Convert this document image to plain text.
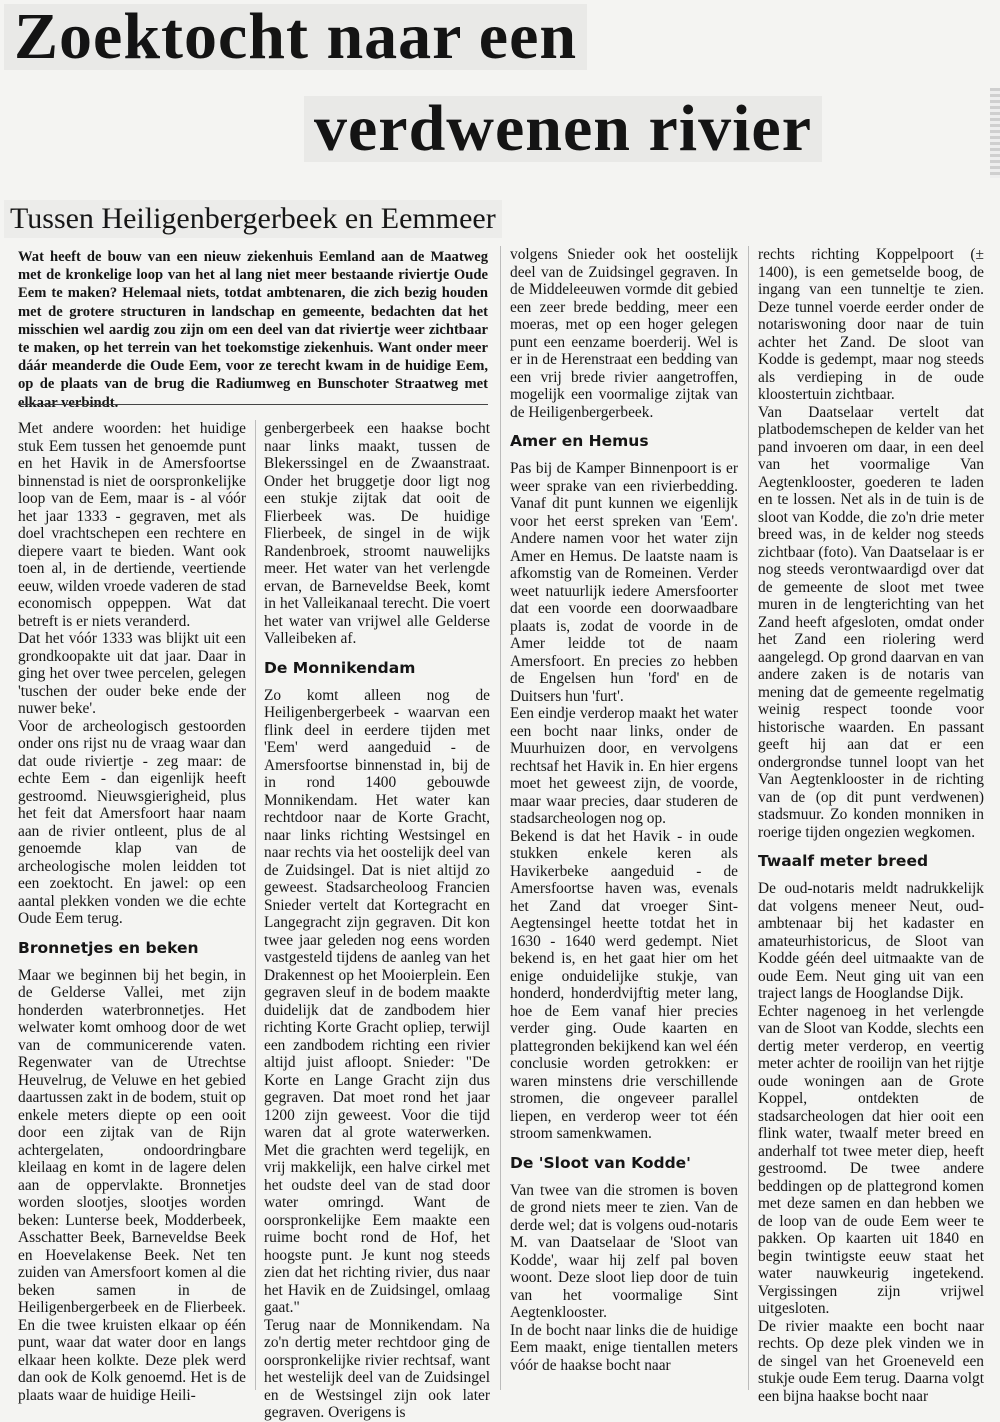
Zoektocht naar een
verdwenen rivier
Tussen Heiligenbergerbeek en Eemmeer

Wat heeft de bouw van een nieuw ziekenhuis Eemland aan de Maatweg met de kronkelige loop van het al lang niet meer bestaande riviertje Oude Eem te maken? Helemaal niets, totdat ambtenaren, die zich bezig houden met de grotere structuren in landschap en gemeente, bedachten dat het misschien wel aardig zou zijn om een deel van dat riviertje weer zichtbaar te maken, op het terrein van het toekomstige ziekenhuis. Want onder meer dáár meanderde die Oude Eem, voor ze terecht kwam in de huidige Eem, op de plaats van de brug die Radiumweg en Bunschoter Straatweg met elkaar verbindt.

Met andere woorden: het huidige stuk Eem tussen het genoemde punt en het Havik in de Amersfoortse binnenstad is niet de oorspronkelijke loop van de Eem, maar is - al vóór het jaar 1333 - gegraven, met als doel vrachtschepen een rechtere en diepere vaart te bieden. Want ook toen al, in de dertiende, veertiende eeuw, wilden vroede vaderen de stad economisch oppeppen. Wat dat betreft is er niets veranderd.

Dat het vóór 1333 was blijkt uit een grondkoopakte uit dat jaar. Daar in ging het over twee percelen, gelegen 'tuschen der ouder beke ende der nuwer beke'.

Voor de archeologisch gestoorden onder ons rijst nu de vraag waar dan dat oude riviertje - zeg maar: de echte Eem - dan eigenlijk heeft gestroomd. Nieuwsgierigheid, plus het feit dat Amersfoort haar naam aan de rivier ontleent, plus de al genoemde klap van de archeologische molen leidden tot een zoektocht. En jawel: op een aantal plekken vonden we die echte Oude Eem terug.

Bronnetjes en beken

Maar we beginnen bij het begin, in de Gelderse Vallei, met zijn honderden waterbronnetjes. Het welwater komt omhoog door de wet van de communicerende vaten. Regenwater van de Utrechtse Heuvelrug, de Veluwe en het gebied daartussen zakt in de bodem, stuit op enkele meters diepte op een ooit door een zijtak van de Rijn achtergelaten, ondoordringbare kleilaag en komt in de lagere delen aan de oppervlakte. Bronnetjes worden slootjes, slootjes worden beken: Lunterse beek, Modderbeek, Asschatter Beek, Barneveldse Beek en Hoevelakense Beek. Net ten zuiden van Amersfoort komen al die beken samen in de Heiligenbergerbeek en de Flierbeek. En die twee kruisten elkaar op één punt, waar dat water door en langs elkaar heen kolkte. Deze plek werd dan ook de Kolk genoemd. Het is de plaats waar de huidige Heili-

genbergerbeek een haakse bocht naar links maakt, tussen de Blekerssingel en de Zwaanstraat. Onder het bruggetje door ligt nog een stukje zijtak dat ooit de Flierbeek was. De huidige Flierbeek, de singel in de wijk Randenbroek, stroomt nauwelijks meer. Het water van het verlengde ervan, de Barneveldse Beek, komt in het Valleikanaal terecht. Die voert het water van vrijwel alle Gelderse Valleibeken af.

De Monnikendam

Zo komt alleen nog de Heiligenbergerbeek - waarvan een flink deel in eerdere tijden met 'Eem' werd aangeduid - de Amersfoortse binnenstad in, bij de in rond 1400 gebouwde Monnikendam. Het water kan rechtdoor naar de Korte Gracht, naar links richting Westsingel en naar rechts via het oostelijk deel van de Zuidsingel. Dat is niet altijd zo geweest. Stadsarcheoloog Francien Snieder vertelt dat Kortegracht en Langegracht zijn gegraven. Dit kon twee jaar geleden nog eens worden vastgesteld tijdens de aanleg van het Drakennest op het Mooierplein. Een gegraven sleuf in de bodem maakte duidelijk dat de zandbodem hier richting Korte Gracht opliep, terwijl een zandbodem richting een rivier altijd juist afloopt. Snieder: "De Korte en Lange Gracht zijn dus gegraven. Dat moet rond het jaar 1200 zijn geweest. Voor die tijd waren dat al grote waterwerken. Met die grachten werd tegelijk, en vrij makkelijk, een halve cirkel met het oudste deel van de stad door water omringd. Want de oorspronkelijke Eem maakte een ruime bocht rond de Hof, het hoogste punt. Je kunt nog steeds zien dat het richting rivier, dus naar het Havik en de Zuidsingel, omlaag gaat."

Terug naar de Monnikendam. Na zo'n dertig meter rechtdoor ging de oorspronkelijke rivier rechtsaf, want het westelijk deel van de Zuidsingel en de Westsingel zijn ook later gegraven. Overigens is

volgens Snieder ook het oostelijk deel van de Zuidsingel gegraven. In de Middeleeuwen vormde dit gebied een zeer brede bedding, meer een moeras, met op een hoger gelegen punt een eenzame boerderij. Wel is er in de Herenstraat een bedding van een vrij brede rivier aangetroffen, mogelijk een voormalige zijtak van de Heiligenbergerbeek.

Amer en Hemus

Pas bij de Kamper Binnenpoort is er weer sprake van een rivierbedding. Vanaf dit punt kunnen we eigenlijk voor het eerst spreken van 'Eem'. Andere namen voor het water zijn Amer en Hemus. De laatste naam is afkomstig van de Romeinen. Verder weet natuurlijk iedere Amersfoorter dat een voorde een doorwaadbare plaats is, zodat de voorde in de Amer leidde tot de naam Amersfoort. En precies zo hebben de Engelsen hun 'ford' en de Duitsers hun 'furt'.

Een eindje verderop maakt het water een bocht naar links, onder de Muurhuizen door, en vervolgens rechtsaf het Havik in. En hier ergens moet het geweest zijn, de voorde, maar waar precies, daar studeren de stadsarcheologen nog op.

Bekend is dat het Havik - in oude stukken enkele keren als Havikerbeke aangeduid - de Amersfoortse haven was, evenals het Zand dat vroeger Sint-Aegtensingel heette totdat het in 1630 - 1640 werd gedempt. Niet bekend is, en het gaat hier om het enige onduidelijke stukje, van honderd, honderdvijftig meter lang, hoe de Eem vanaf hier precies verder ging. Oude kaarten en plattegronden bekijkend kan wel één conclusie worden getrokken: er waren minstens drie verschillende stromen, die ongeveer parallel liepen, en verderop weer tot één stroom samenkwamen.

De 'Sloot van Kodde'

Van twee van die stromen is boven de grond niets meer te zien. Van de derde wel; dat is volgens oud-notaris M. van Daatselaar de 'Sloot van Kodde', waar hij zelf pal boven woont. Deze sloot liep door de tuin van het voormalige Sint Aegtenklooster.

In de bocht naar links die de huidige Eem maakt, enige tientallen meters vóór de haakse bocht naar

rechts richting Koppelpoort (± 1400), is een gemetselde boog, de ingang van een tunneltje te zien. Deze tunnel voerde eerder onder de notariswoning door naar de tuin achter het Zand. De sloot van Kodde is gedempt, maar nog steeds als verdieping in de oude kloostertuin zichtbaar.

Van Daatselaar vertelt dat platbodemschepen de kelder van het pand invoeren om daar, in een deel van het voormalige Van Aegtenklooster, goederen te laden en te lossen. Net als in de tuin is de sloot van Kodde, die zo'n drie meter breed was, in de kelder nog steeds zichtbaar (foto). Van Daatselaar is er nog steeds verontwaardigd over dat de gemeente de sloot met twee muren in de lengterichting van het Zand heeft afgesloten, omdat onder het Zand een riolering werd aangelegd. Op grond daarvan en van andere zaken is de notaris van mening dat de gemeente regelmatig weinig respect toonde voor historische waarden. En passant geeft hij aan dat er een ondergrondse tunnel loopt van het Van Aegtenklooster in de richting van de (op dit punt verdwenen) stadsmuur. Zo konden monniken in roerige tijden ongezien wegkomen.

Twaalf meter breed

De oud-notaris meldt nadrukkelijk dat volgens meneer Neut, oud-ambtenaar bij het kadaster en amateurhistoricus, de Sloot van Kodde géén deel uitmaakte van de oude Eem. Neut ging uit van een traject langs de Hooglandse Dijk.

Echter nagenoeg in het verlengde van de Sloot van Kodde, slechts een dertig meter verderop, en veertig meter achter de rooilijn van het rijtje oude woningen aan de Grote Koppel, ontdekten de stadsarcheologen dat hier ooit een flink water, twaalf meter breed en anderhalf tot twee meter diep, heeft gestroomd. De twee andere beddingen op de plattegrond komen met deze samen en dan hebben we de loop van de oude Eem weer te pakken. Op kaarten uit 1840 en begin twintigste eeuw staat het water nauwkeurig ingetekend. Vergissingen zijn vrijwel uitgesloten.

De rivier maakte een bocht naar rechts. Op deze plek vinden we in de singel van het Groeneveld een stukje oude Eem terug. Daarna volgt een bijna haakse bocht naar
